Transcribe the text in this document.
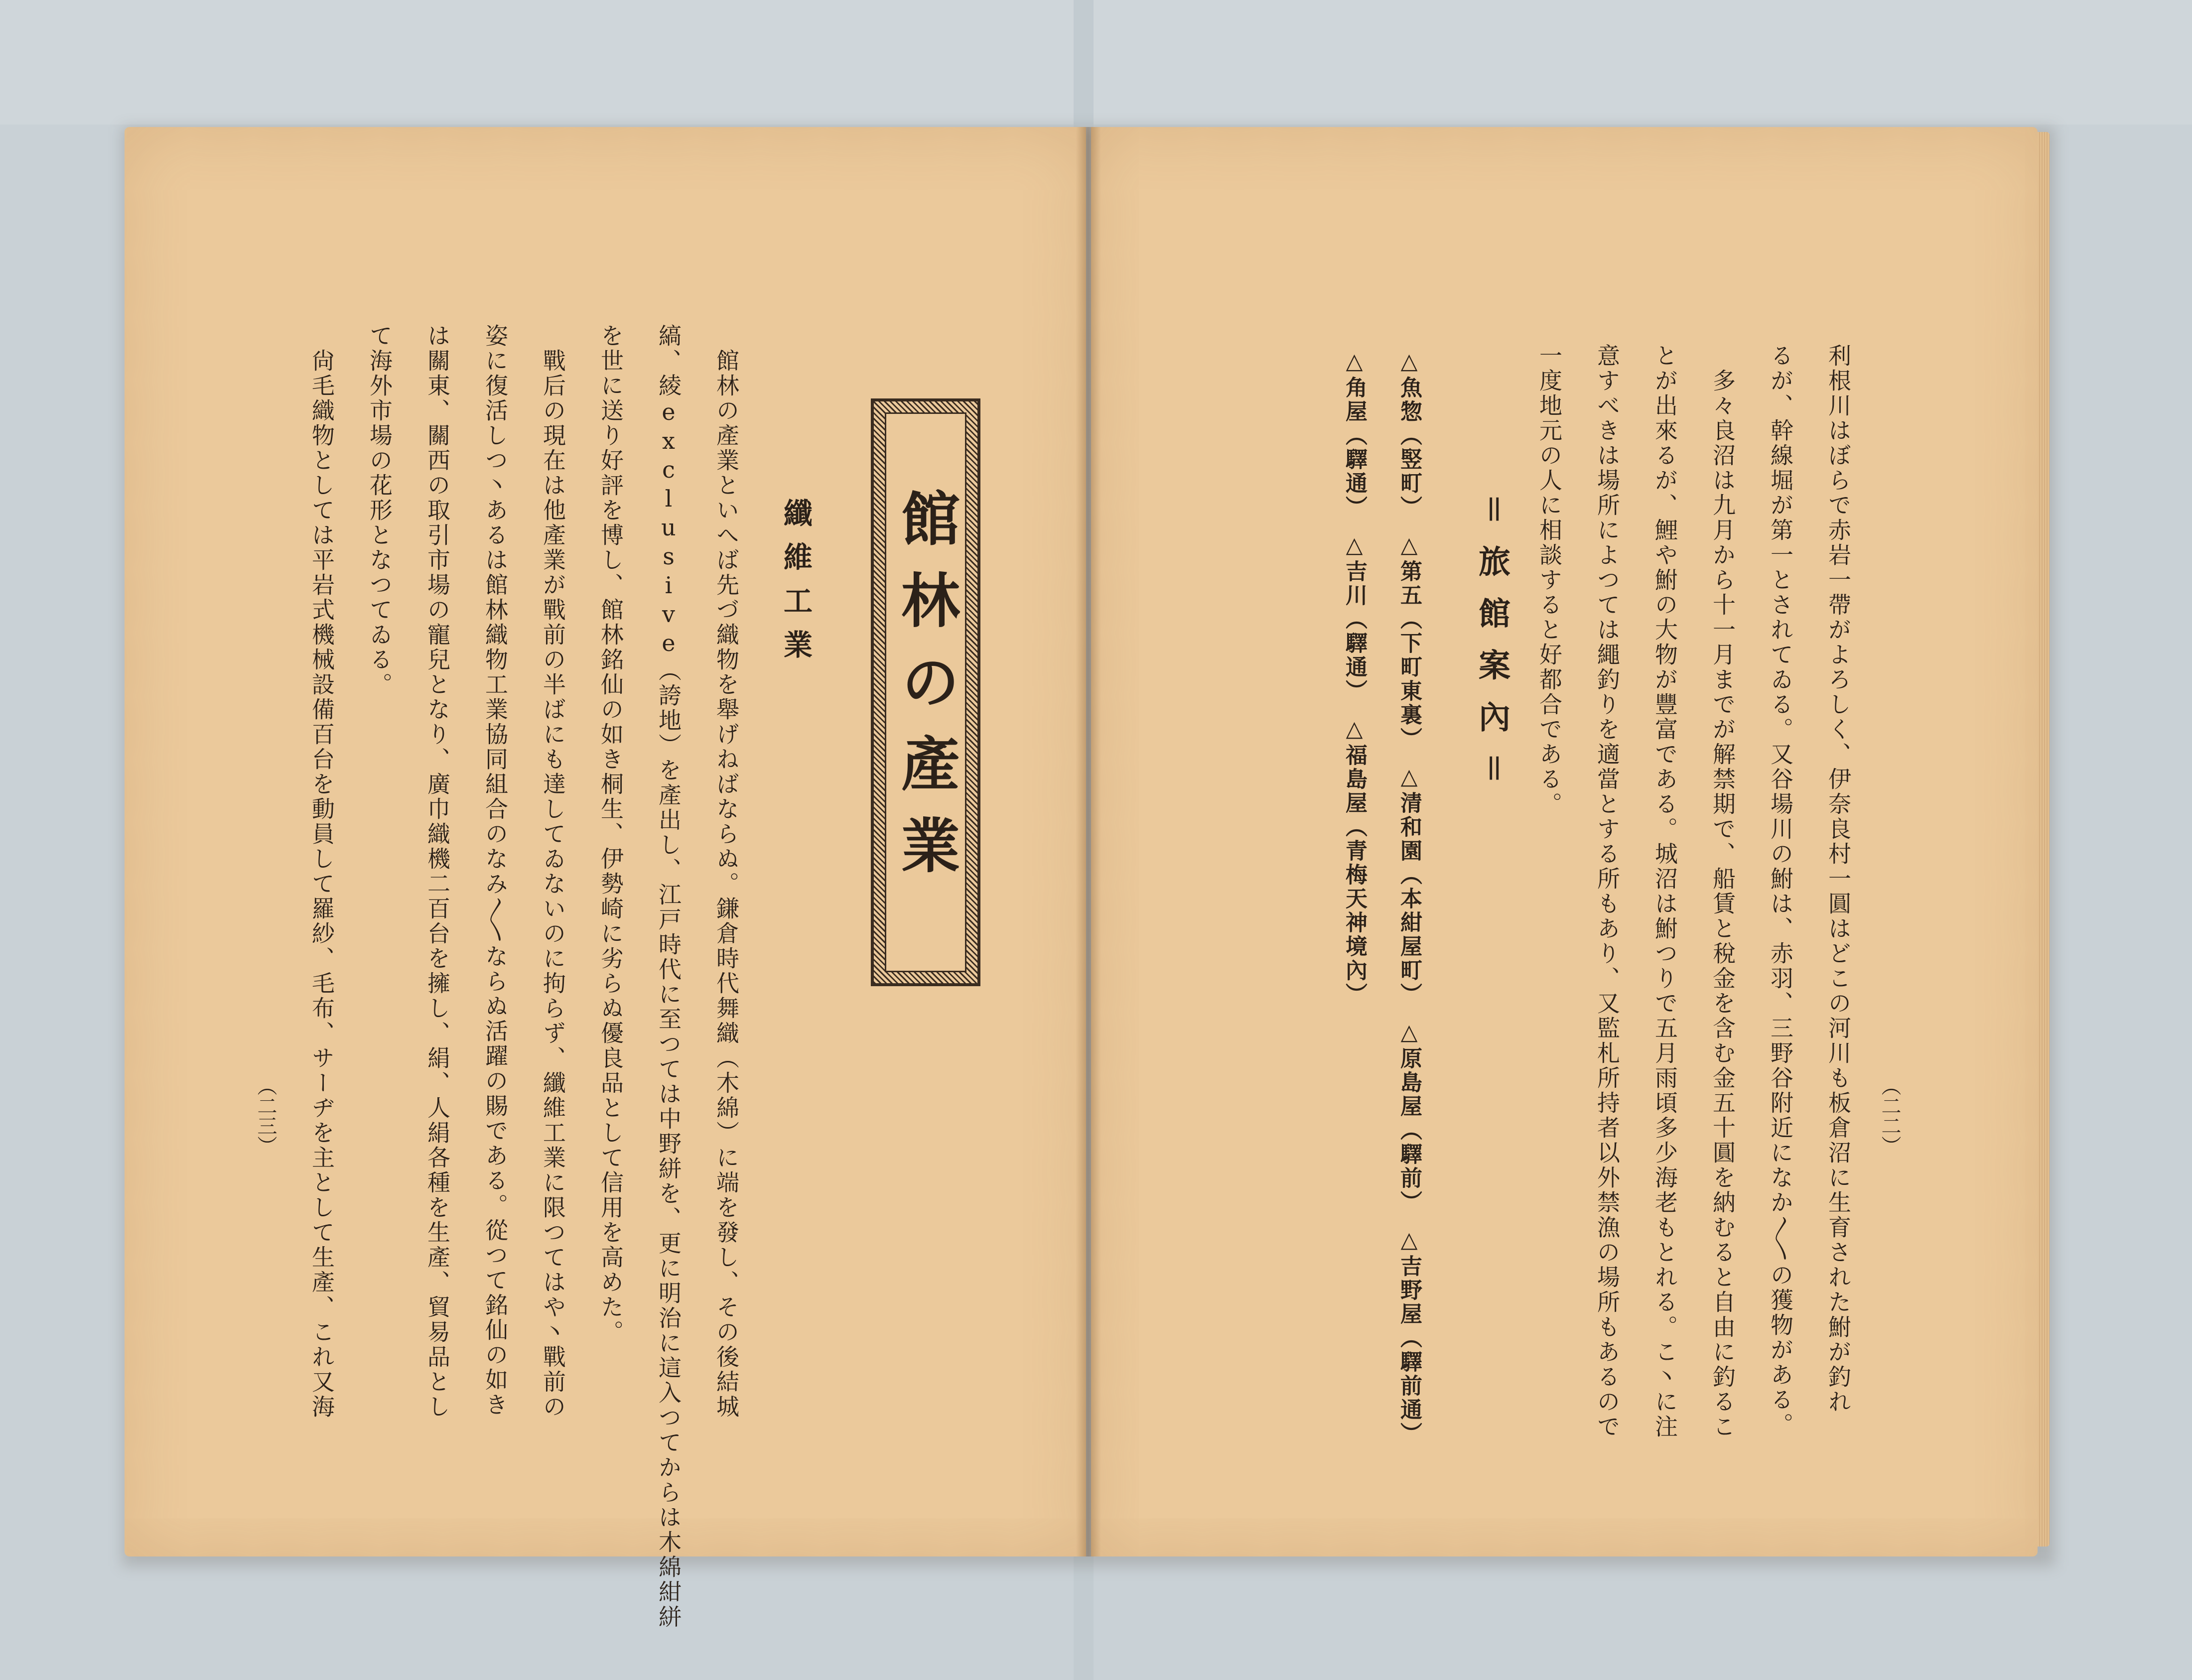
館林の產業
纖維工業
館林の產業といへば先づ織物を舉げねばならぬ。鎌倉時代舞織（木綿）に端を發し、その後結城
縞、綾exclusive（誇地）を產出し、江戸時代に至つては中野絣を、更に明治に這入つてからは木綿紺絣
を世に送り好評を博し、館林銘仙の如き桐生、伊勢崎に劣らぬ優良品として信用を高めた。
戰后の現在は他產業が戰前の半ばにも達してゐないのに拘らず、纖維工業に限つてはや丶戰前の
姿に復活しつ丶あるは館林織物工業協同組合のなみ〳〵ならぬ活躍の賜である。從つて銘仙の如き
は關東、關西の取引市場の寵兒となり、廣巾織機二百台を擁し、絹、人絹各種を生產、貿易品とし
て海外市場の花形となつてゐる。
尙毛織物としては平岩式機械設備百台を動員して羅紗、毛布、サーヂを主として生產、これ又海
（二三）	利根川はぼらで赤岩一帶がよろしく、伊奈良村一圓はどこの河川も板倉沼に生育された鮒が釣れ
るが、幹線堀が第一とされてゐる。又谷場川の鮒は、赤羽、三野谷附近になか〳〵の獲物がある。
多々良沼は九月から十一月までが解禁期で、船賃と稅金を含む金五十圓を納むると自由に釣るこ
とが出來るが、鯉や鮒の大物が豐富である。城沼は鮒つりで五月雨頃多少海老もとれる。こ丶に注
意すべきは場所によつては繩釣りを適當とする所もあり、又監札所持者以外禁漁の場所もあるので
一度地元の人に相談すると好都合である。
＝旅館案內＝
△魚惣（竪町）　△第五（下町東裏）　△清和園（本紺屋町）　△原島屋（驛前）　△吉野屋（驛前通）
△角屋（驛通）　△吉川（驛通）　△福島屋（青梅天神境內）
（二二）
